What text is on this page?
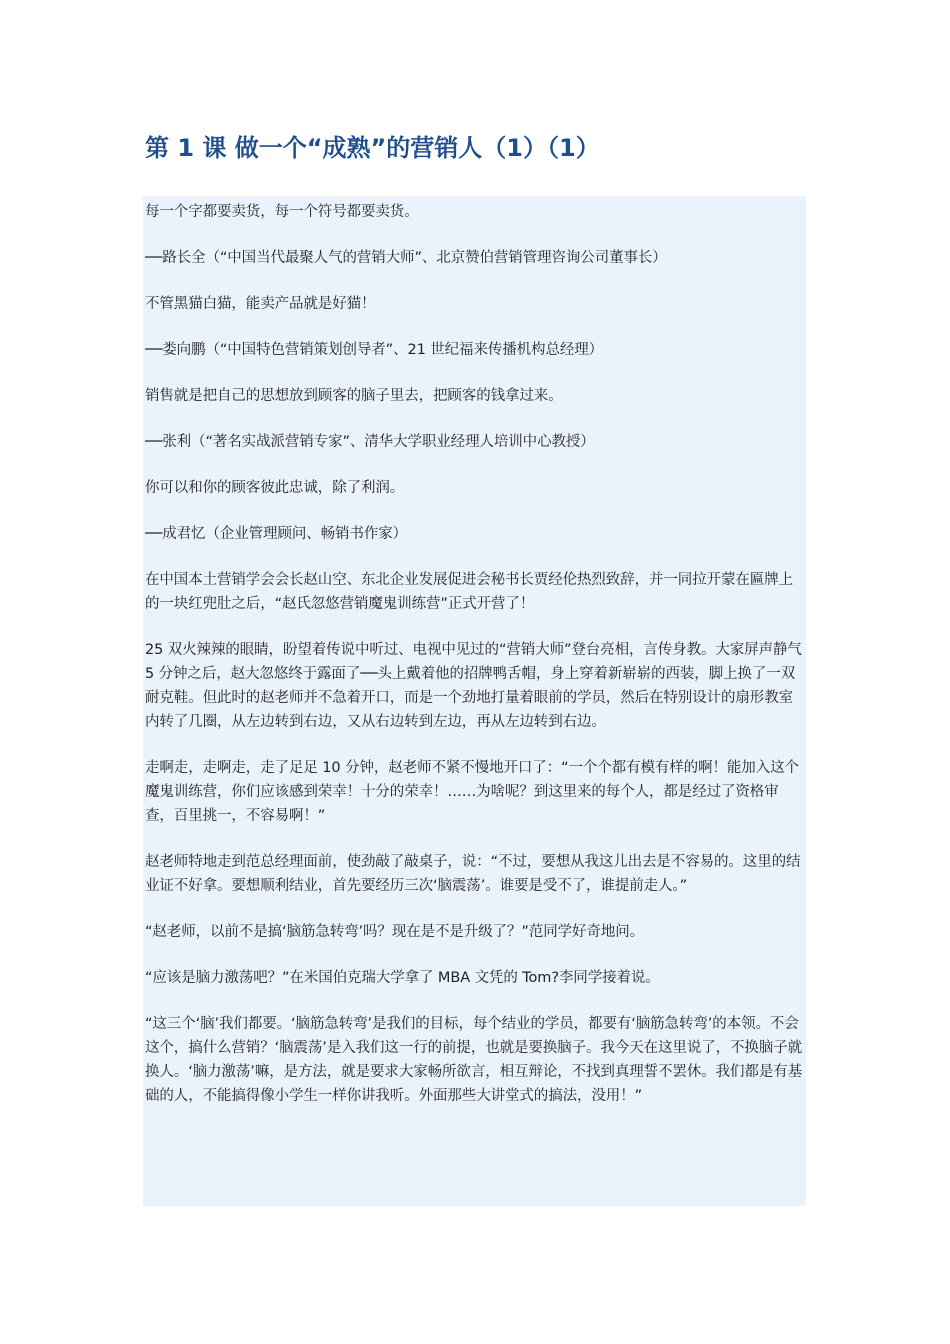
第 1 课 做一个“成熟”的营销人（1）（1）

每一个字都要卖货，每一个符号都要卖货。

──路长全（“中国当代最聚人气的营销大师”、北京赞伯营销管理咨询公司董事长）

不管黑猫白猫，能卖产品就是好猫！

──娄向鹏（“中国特色营销策划创导者”、21 世纪福来传播机构总经理）

销售就是把自己的思想放到顾客的脑子里去，把顾客的钱拿过来。

──张利（“著名实战派营销专家”、清华大学职业经理人培训中心教授）

你可以和你的顾客彼此忠诚，除了利润。

──成君忆（企业管理顾问、畅销书作家）

在中国本土营销学会会长赵山空、东北企业发展促进会秘书长贾经伦热烈致辞，并一同拉开蒙在匾牌上的一块红兜肚之后，“赵氏忽悠营销魔鬼训练营”正式开营了！

25 双火辣辣的眼睛，盼望着传说中听过、电视中见过的“营销大师”登台亮相，言传身教。大家屏声静气 5 分钟之后，赵大忽悠终于露面了──头上戴着他的招牌鸭舌帽，身上穿着新崭崭的西装，脚上换了一双耐克鞋。但此时的赵老师并不急着开口，而是一个劲地打量着眼前的学员，然后在特别设计的扇形教室内转了几圈，从左边转到右边，又从右边转到左边，再从左边转到右边。

走啊走，走啊走，走了足足 10 分钟，赵老师不紧不慢地开口了：“一个个都有模有样的啊！能加入这个魔鬼训练营，你们应该感到荣幸！十分的荣幸！……为啥呢？到这里来的每个人，都是经过了资格审查，百里挑一，不容易啊！”

赵老师特地走到范总经理面前，使劲敲了敲桌子，说：“不过，要想从我这儿出去是不容易的。这里的结业证不好拿。要想顺利结业，首先要经历三次‘脑震荡’。谁要是受不了，谁提前走人。”

“赵老师，以前不是搞‘脑筋急转弯’吗？现在是不是升级了？”范同学好奇地问。

“应该是脑力激荡吧？”在米国伯克瑞大学拿了 MBA 文凭的 Tom?李同学接着说。

“这三个‘脑’我们都要。‘脑筋急转弯’是我们的目标，每个结业的学员，都要有‘脑筋急转弯’的本领。不会这个，搞什么营销？‘脑震荡’是入我们这一行的前提，也就是要换脑子。我今天在这里说了，不换脑子就换人。‘脑力激荡’嘛，是方法，就是要求大家畅所欲言，相互辩论，不找到真理誓不罢休。我们都是有基础的人，不能搞得像小学生一样你讲我听。外面那些大讲堂式的搞法，没用！”
